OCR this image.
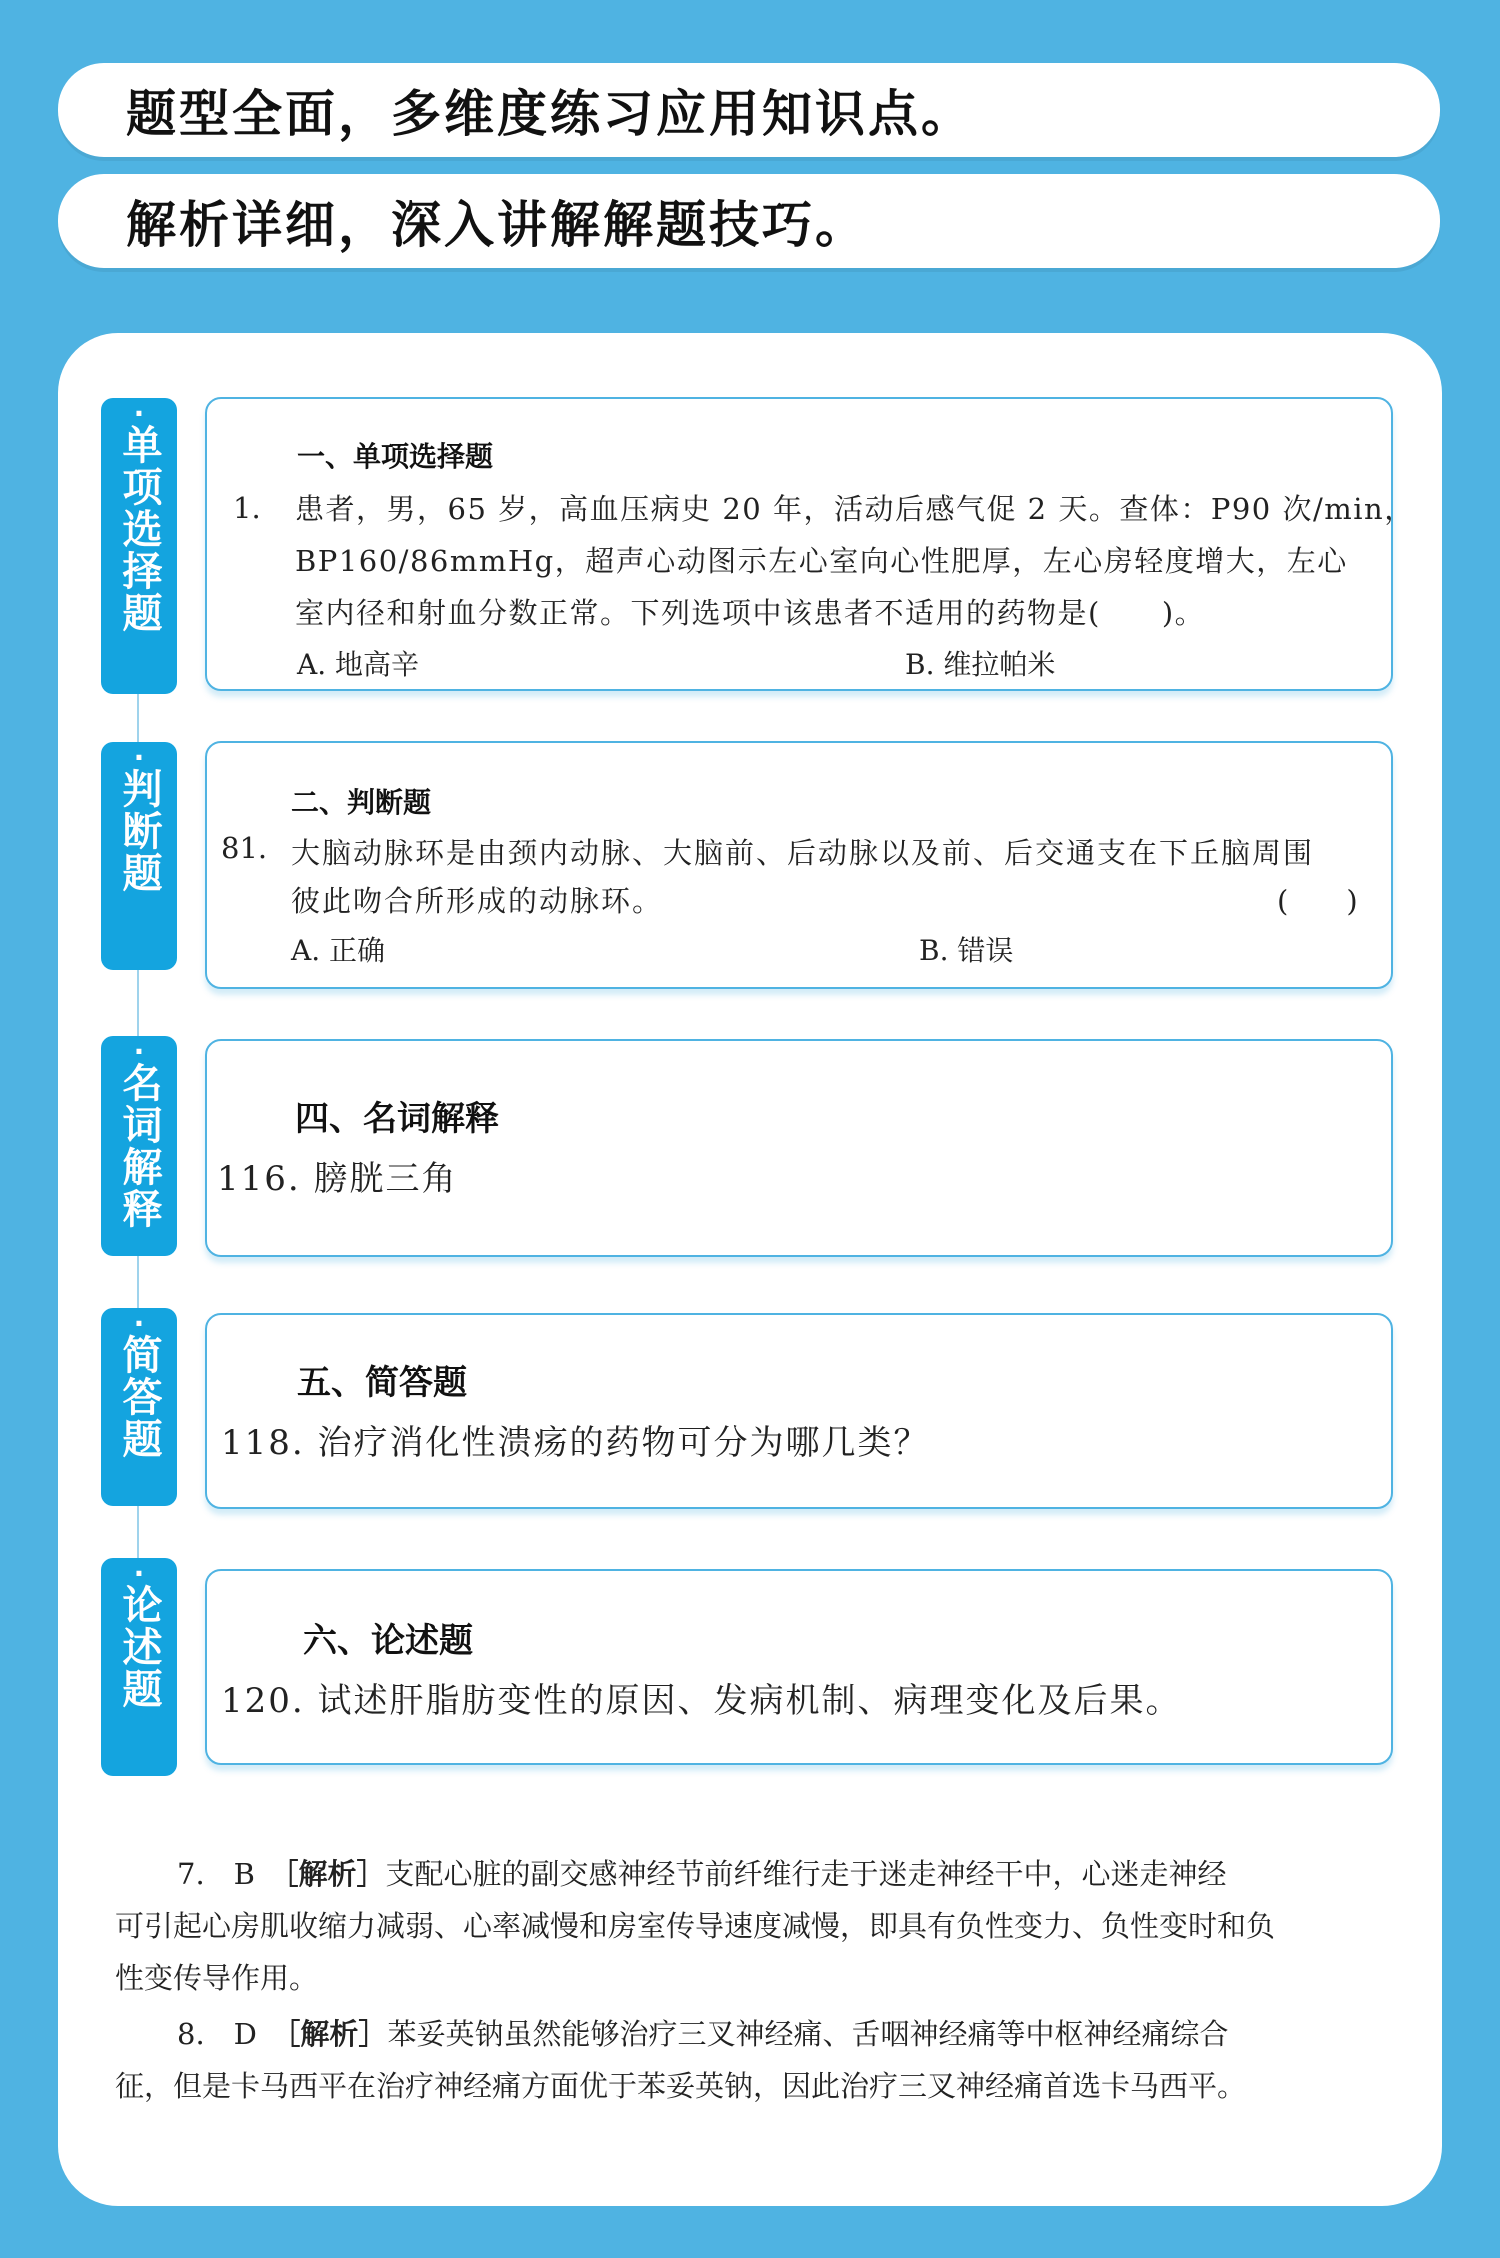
题型全面，多维度练习应用知识点。
解析详细，深入讲解解题技巧。
·
单项选择题
·
判断题
·
名词解释
·
简答题
·
论述题
一、单项选择题
1. 患者，男，65 岁，高血压病史 20 年，活动后感气促 2 天。查体：P90 次/min，
BP160/86mmHg，超声心动图示左心室向心性肥厚，左心房轻度增大，左心
室内径和射血分数正常。下列选项中该患者不适用的药物是(　　)。
A. 地高辛	B. 维拉帕米
二、判断题
81. 大脑动脉环是由颈内动脉、大脑前、后动脉以及前、后交通支在下丘脑周围
彼此吻合所形成的动脉环。	(　　)
A. 正确	B. 错误
四、名词解释
116. 膀胱三角
五、简答题
118. 治疗消化性溃疡的药物可分为哪几类？
六、论述题
120. 试述肝脂肪变性的原因、发病机制、病理变化及后果。
7.　B　［解析］支配心脏的副交感神经节前纤维行走于迷走神经干中，心迷走神经
可引起心房肌收缩力减弱、心率减慢和房室传导速度减慢，即具有负性变力、负性变时和负
性变传导作用。
8.　D　［解析］苯妥英钠虽然能够治疗三叉神经痛、舌咽神经痛等中枢神经痛综合
征，但是卡马西平在治疗神经痛方面优于苯妥英钠，因此治疗三叉神经痛首选卡马西平。
